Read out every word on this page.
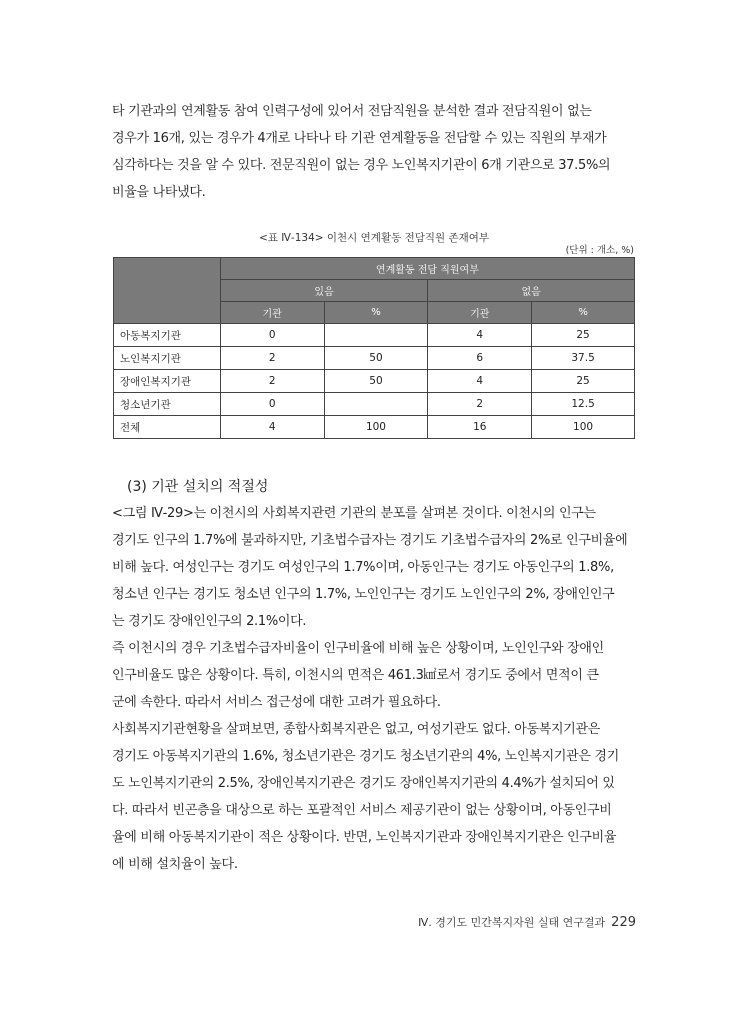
타 기관과의 연계활동 참여 인력구성에 있어서 전담직원을 분석한 결과 전담직원이 없는
경우가 16개, 있는 경우가 4개로 나타나 타 기관 연계활동을 전담할 수 있는 직원의 부재가
심각하다는 것을 알 수 있다. 전문직원이 없는 경우 노인복지기관이 6개 기관으로 37.5%의
비율을 나타냈다.
<표 Ⅳ-134> 이천시 연계활동 전담직원 존재여부
(단위 : 개소, %)
	연계활동 전담 직원여부			
	있음		없음	
	기관	%	기관	%
아동복지기관	0		4	25
노인복지기관	2	50	6	37.5
장애인복지기관	2	50	4	25
청소년기관	0		2	12.5
전체	4	100	16	100
(3) 기관 설치의 적절성
<그림 Ⅳ-29>는 이천시의 사회복지관련 기관의 분포를 살펴본 것이다. 이천시의 인구는
경기도 인구의 1.7%에 불과하지만, 기초법수급자는 경기도 기초법수급자의 2%로 인구비율에
비해 높다. 여성인구는 경기도 여성인구의 1.7%이며, 아동인구는 경기도 아동인구의 1.8%,
청소년 인구는 경기도 청소년 인구의 1.7%, 노인인구는 경기도 노인인구의 2%, 장애인인구
는 경기도 장애인인구의 2.1%이다.
즉 이천시의 경우 기초법수급자비율이 인구비율에 비해 높은 상황이며, 노인인구와 장애인
인구비율도 많은 상황이다. 특히, 이천시의 면적은 461.3㎢로서 경기도 중에서 면적이 큰
군에 속한다. 따라서 서비스 접근성에 대한 고려가 필요하다.
사회복지기관현황을 살펴보면, 종합사회복지관은 없고, 여성기관도 없다. 아동복지기관은
경기도 아동복지기관의 1.6%, 청소년기관은 경기도 청소년기관의 4%, 노인복지기관은 경기
도 노인복지기관의 2.5%, 장애인복지기관은 경기도 장애인복지기관의 4.4%가 설치되어 있
다. 따라서 빈곤층을 대상으로 하는 포괄적인 서비스 제공기관이 없는 상황이며, 아동인구비
율에 비해 아동복지기관이 적은 상황이다. 반면, 노인복지기관과 장애인복지기관은 인구비율
에 비해 설치율이 높다.
Ⅳ. 경기도 민간복지자원 실태 연구결과 229
